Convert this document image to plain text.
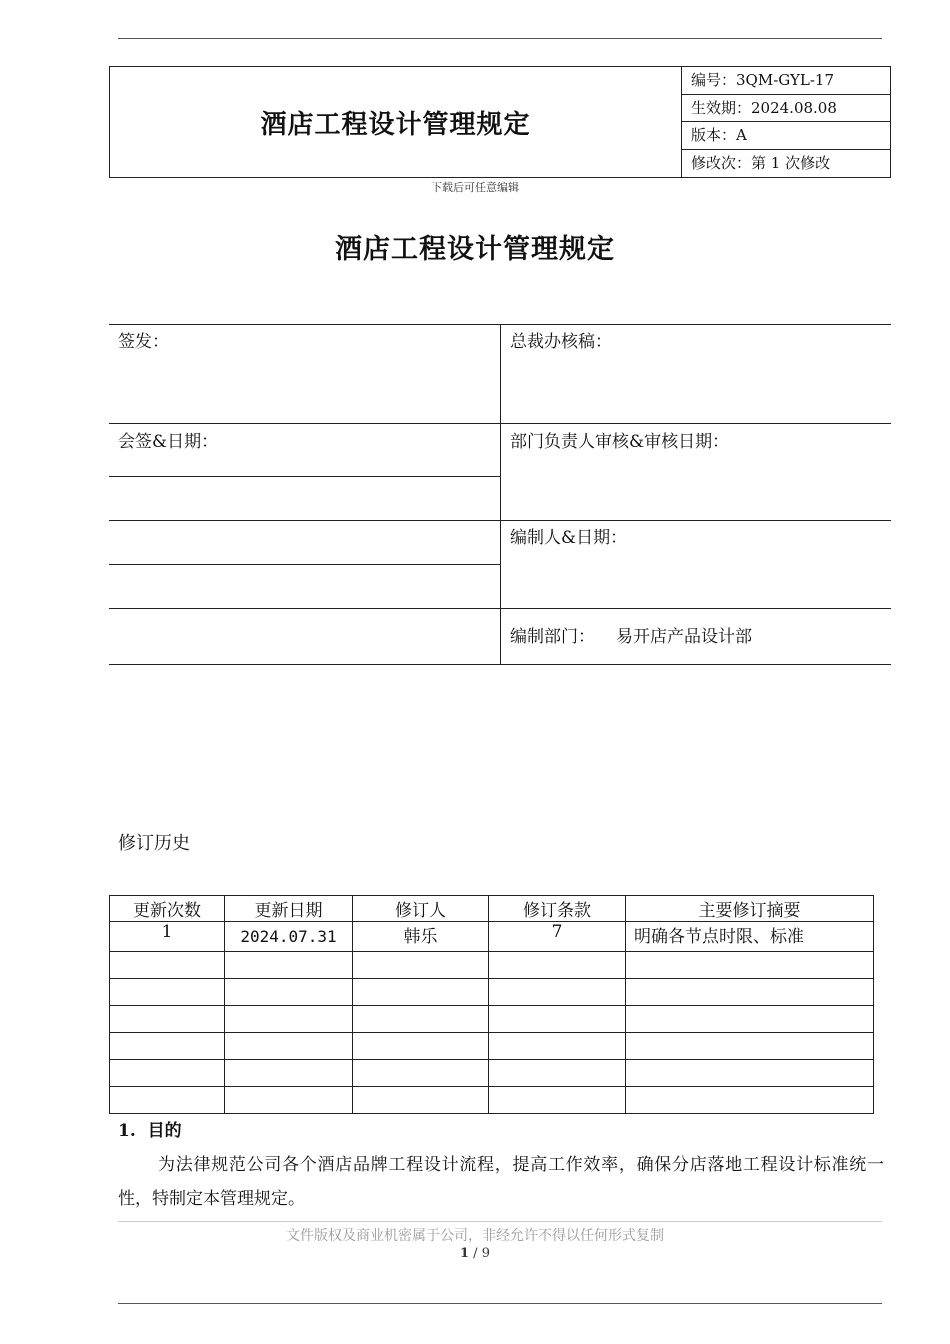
酒店工程设计管理规定
编号：3QM-GYL-17
生效期：2024.08.08
版本：A
修改次：第 1 次修改
下载后可任意编辑
酒店工程设计管理规定
签发：	总裁办核稿：
会签&日期：	部门负责人审核&审核日期：
编制人&日期：
编制部门： 易开店产品设计部
修订历史
更新次数	更新日期	修订人	修订条款	主要修订摘要
1	2024.07.31	韩乐	7	明确各节点时限、标准

1.  目的
为法律规范公司各个酒店品牌工程设计流程，提高工作效率，确保分店落地工程设计标准统一性，特制定本管理规定。
文件版权及商业机密属于公司，非经允许不得以任何形式复制
1 / 9
